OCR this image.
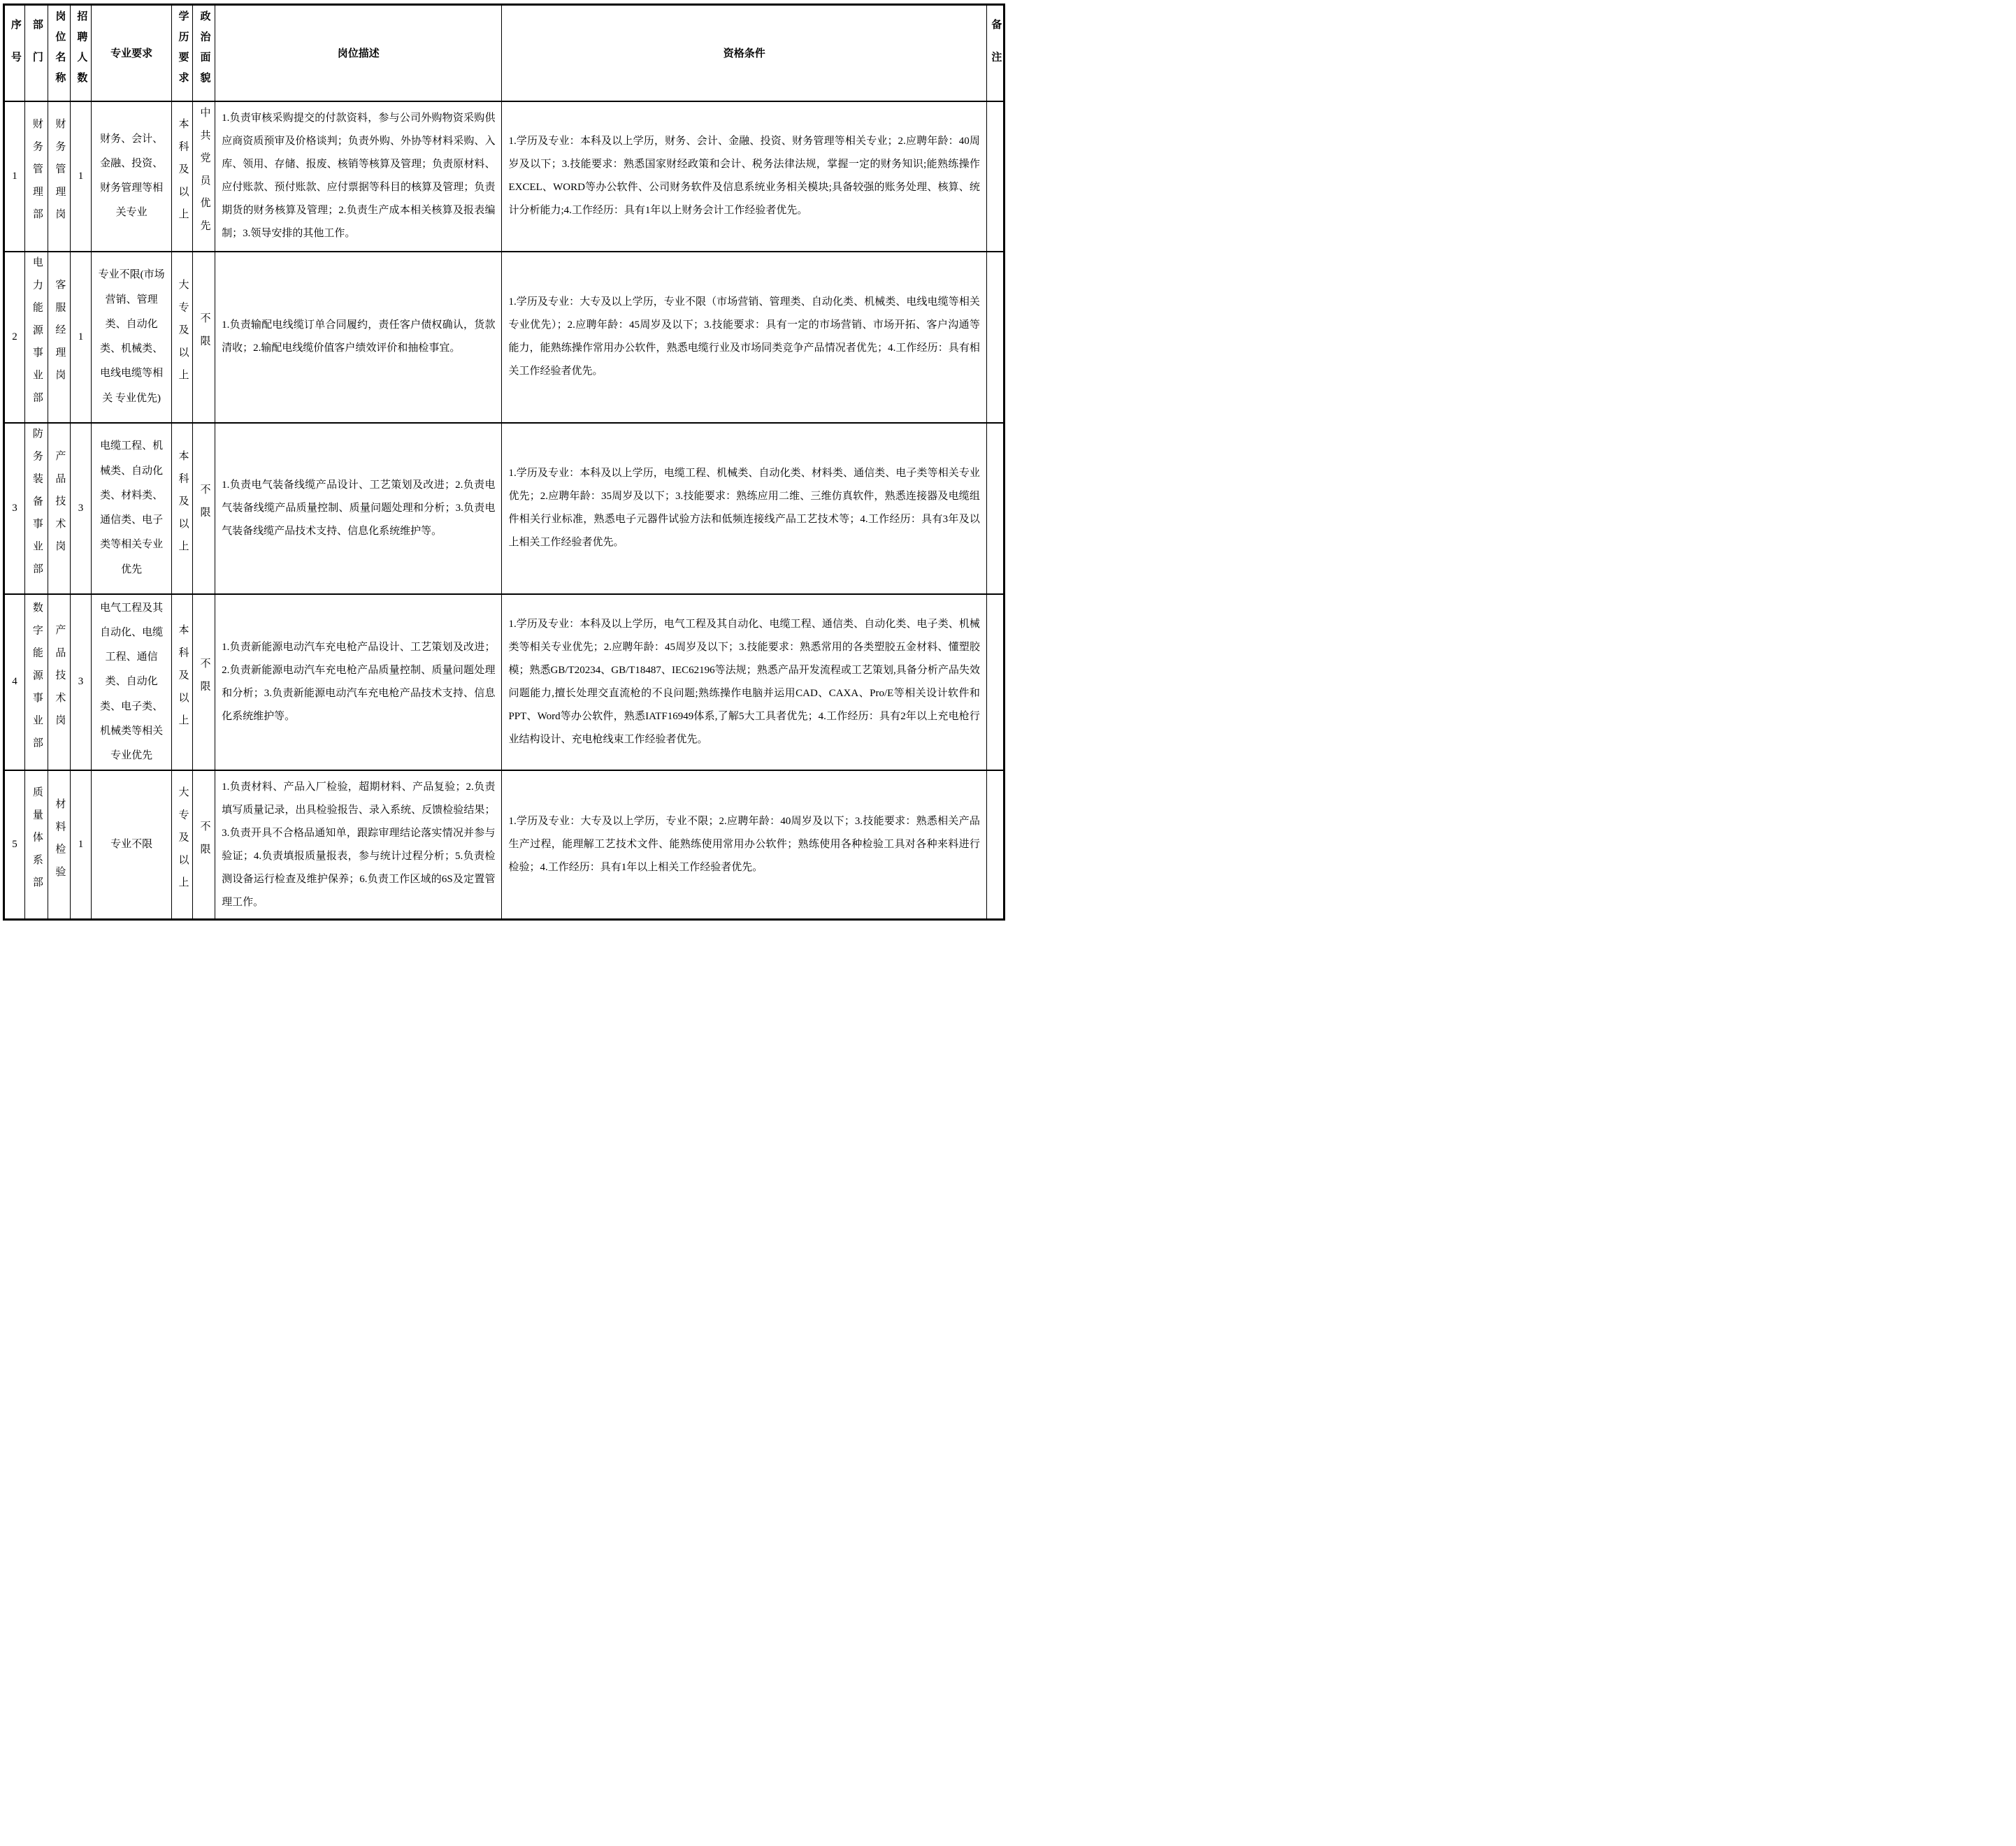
序号	部门	岗位名称	招聘人数	专业要求	学历要求	政治面貌	岗位描述	资格条件	备注
1	财务管理部	财务管理岗	1	财务、会计、金融、投资、财务管理等相关专业	本科及以上	中共党员优先	1.负责审核采购提交的付款资料，参与公司外购物资采购供应商资质预审及价格谈判；负责外购、外协等材料采购、入库、领用、存储、报废、核销等核算及管理；负责原材料、应付账款、预付账款、应付票据等科目的核算及管理；负责期货的财务核算及管理；2.负责生产成本相关核算及报表编制；3.领导安排的其他工作。	1.学历及专业：本科及以上学历，财务、会计、金融、投资、财务管理等相关专业；2.应聘年龄：40周岁及以下；3.技能要求：熟悉国家财经政策和会计、税务法律法规，掌握一定的财务知识;能熟练操作EXCEL、WORD等办公软件、公司财务软件及信息系统业务相关模块;具备较强的账务处理、核算、统计分析能力;4.工作经历：具有1年以上财务会计工作经验者优先。	
2	电力能源事业部	客服经理岗	1	专业不限(市场营销、管理类、自动化类、机械类、电线电缆等相关 专业优先)	大专及以上	不限	1.负责输配电线缆订单合同履约，责任客户债权确认，货款清收；2.输配电线缆价值客户绩效评价和抽检事宜。	1.学历及专业：大专及以上学历，专业不限（市场营销、管理类、自动化类、机械类、电线电缆等相关专业优先）；2.应聘年龄：45周岁及以下；3.技能要求：具有一定的市场营销、市场开拓、客户沟通等能力，能熟练操作常用办公软件，熟悉电缆行业及市场同类竞争产品情况者优先；4.工作经历：具有相关工作经验者优先。	
3	防务装备事业部	产品技术岗	3	电缆工程、机械类、自动化类、材料类、通信类、电子类等相关专业优先	本科及以上	不限	1.负责电气装备线缆产品设计、工艺策划及改进；2.负责电气装备线缆产品质量控制、质量问题处理和分析；3.负责电气装备线缆产品技术支持、信息化系统维护等。	1.学历及专业：本科及以上学历，电缆工程、机械类、自动化类、材料类、通信类、电子类等相关专业优先；2.应聘年龄：35周岁及以下；3.技能要求：熟练应用二维、三维仿真软件，熟悉连接器及电缆组件相关行业标准，熟悉电子元器件试验方法和低频连接线产品工艺技术等；4.工作经历：具有3年及以上相关工作经验者优先。	
4	数字能源事业部	产品技术岗	3	电气工程及其自动化、电缆工程、通信类、自动化类、电子类、机械类等相关专业优先	本科及以上	不限	1.负责新能源电动汽车充电枪产品设计、工艺策划及改进；2.负责新能源电动汽车充电枪产品质量控制、质量问题处理和分析；3.负责新能源电动汽车充电枪产品技术支持、信息化系统维护等。	1.学历及专业：本科及以上学历，电气工程及其自动化、电缆工程、通信类、自动化类、电子类、机械类等相关专业优先；2.应聘年龄：45周岁及以下；3.技能要求：熟悉常用的各类塑胶五金材料、懂塑胶模；熟悉GB/T20234、GB/T18487、IEC62196等法规；熟悉产品开发流程或工艺策划,具备分析产品失效问题能力,擅长处理交直流枪的不良问题;熟练操作电脑并运用CAD、CAXA、Pro/E等相关设计软件和PPT、Word等办公软件，熟悉IATF16949体系,了解5大工具者优先；4.工作经历：具有2年以上充电枪行业结构设计、充电枪线束工作经验者优先。	
5	质量体系部	材料检验	1	专业不限	大专及以上	不限	1.负责材料、产品入厂检验，超期材料、产品复验；2.负责填写质量记录，出具检验报告、录入系统、反馈检验结果；3.负责开具不合格品通知单，跟踪审理结论落实情况并参与验证；4.负责填报质量报表，参与统计过程分析；5.负责检测设备运行检查及维护保养；6.负责工作区域的6S及定置管理工作。	1.学历及专业：大专及以上学历，专业不限；2.应聘年龄：40周岁及以下；3.技能要求：熟悉相关产品生产过程，能理解工艺技术文件、能熟练使用常用办公软件；熟练使用各种检验工具对各种来料进行检验；4.工作经历：具有1年以上相关工作经验者优先。	
